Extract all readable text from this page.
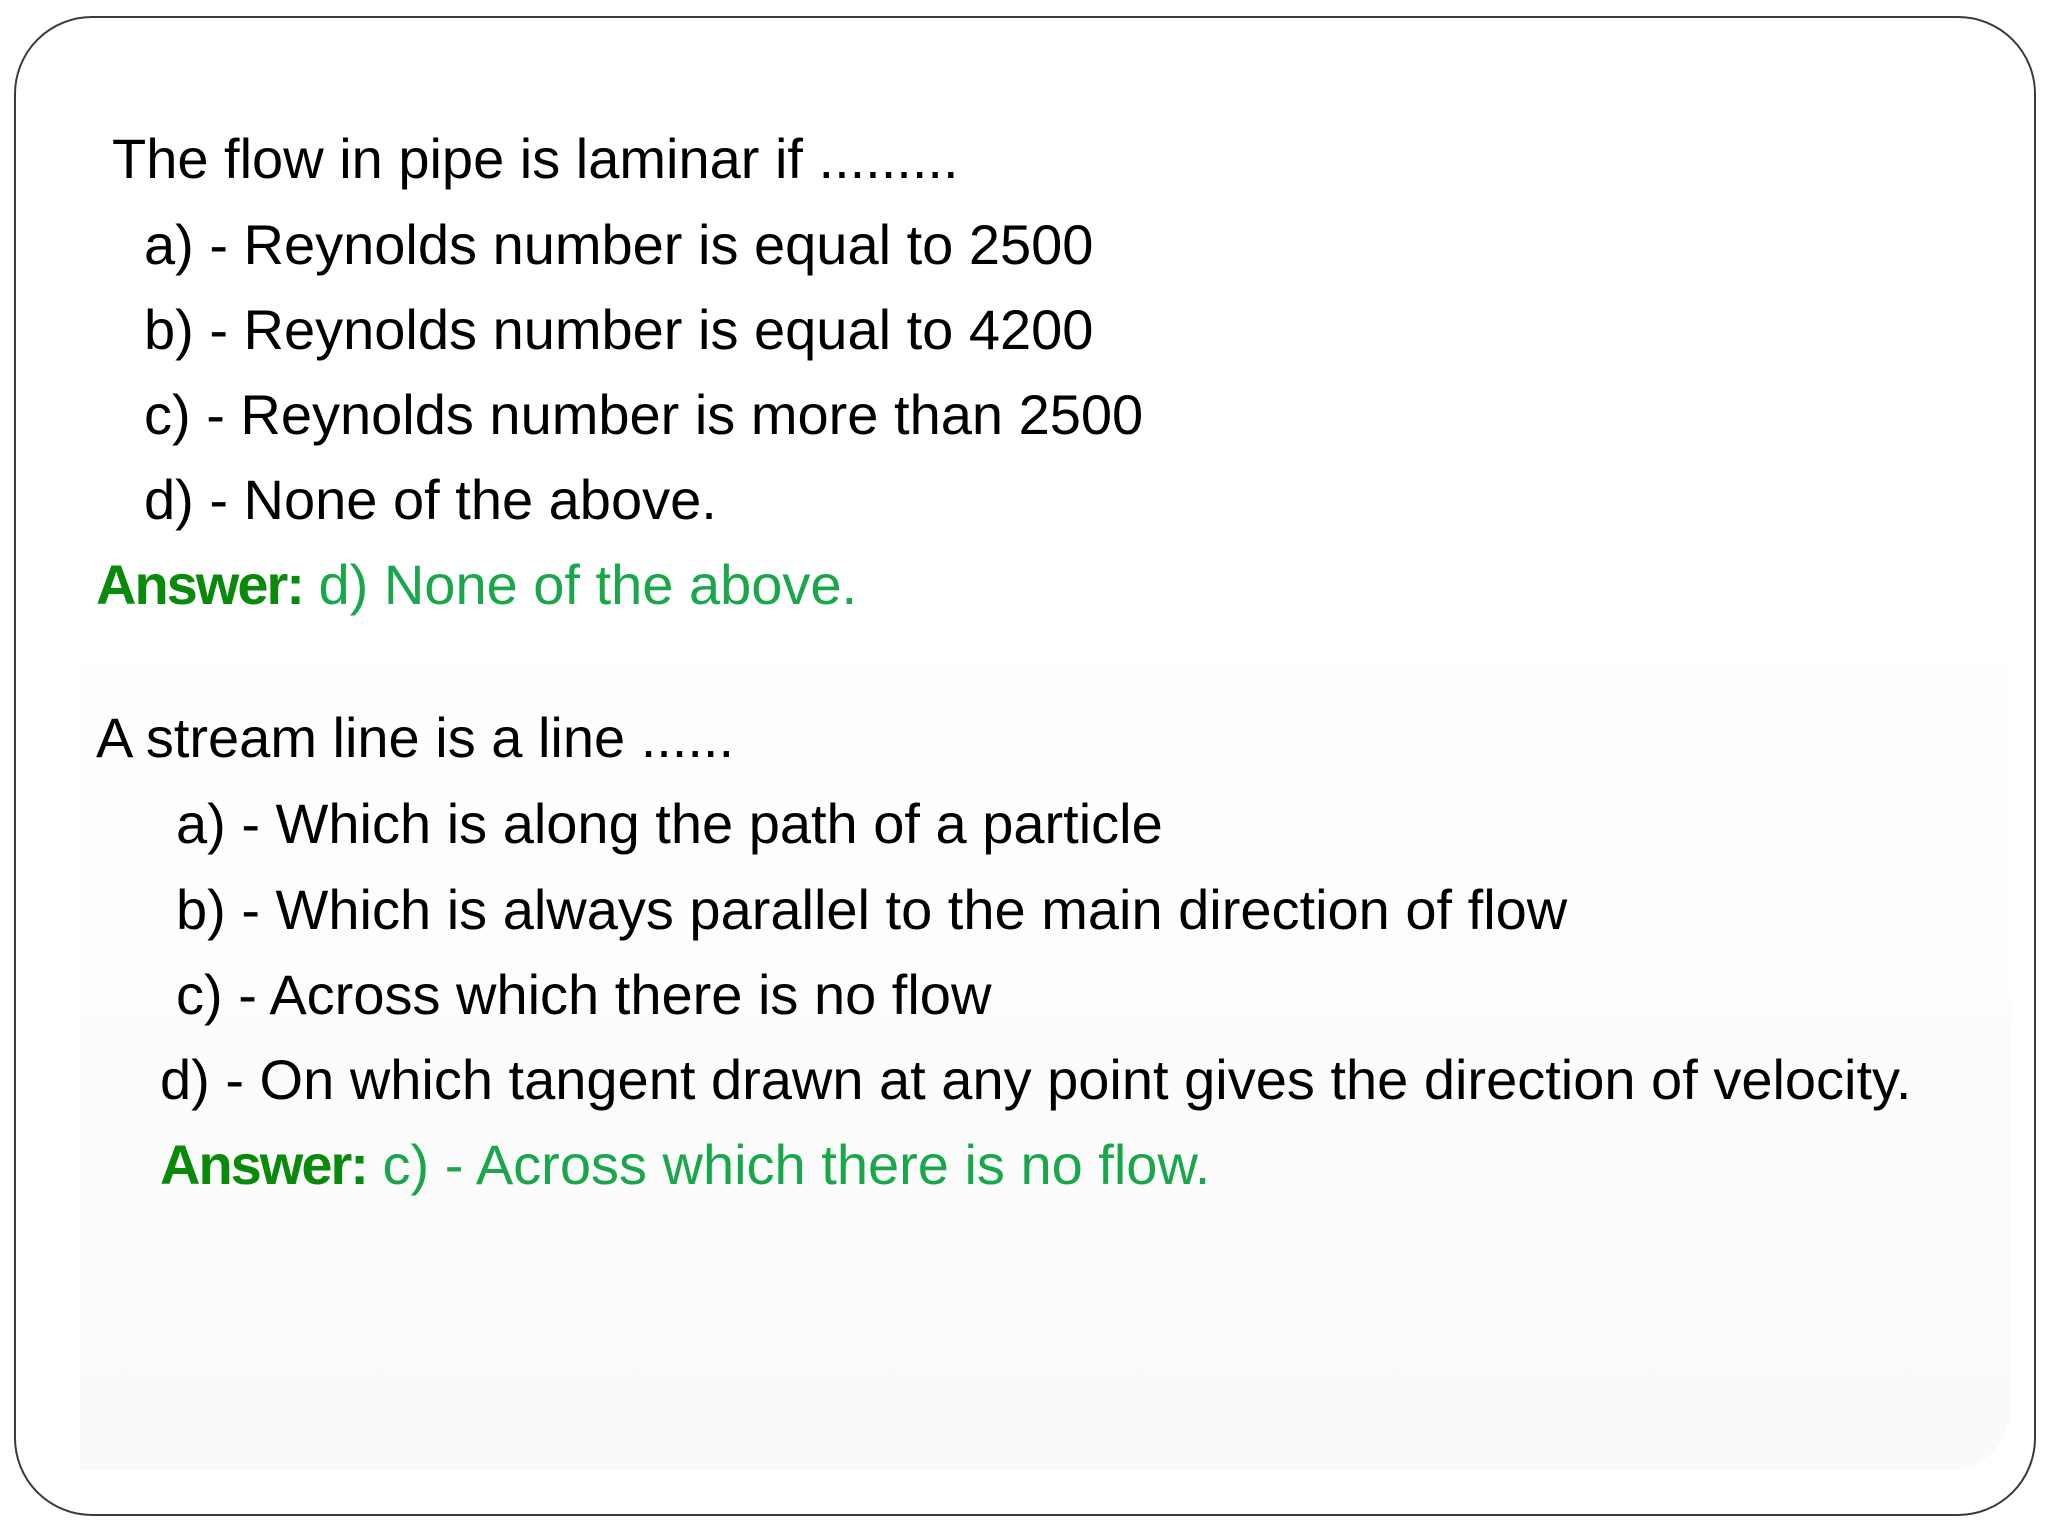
The flow in pipe is laminar if .........
a) - Reynolds number is equal to 2500
b) - Reynolds number is equal to 4200
c) - Reynolds number is more than 2500
d) - None of the above.
Answer: d) None of the above.
A stream line is a line ......
a) - Which is along the path of a particle
b) - Which is always parallel to the main direction of flow
c) - Across which there is no flow
d) - On which tangent drawn at any point gives the direction of velocity.
Answer: c) - Across which there is no flow.
